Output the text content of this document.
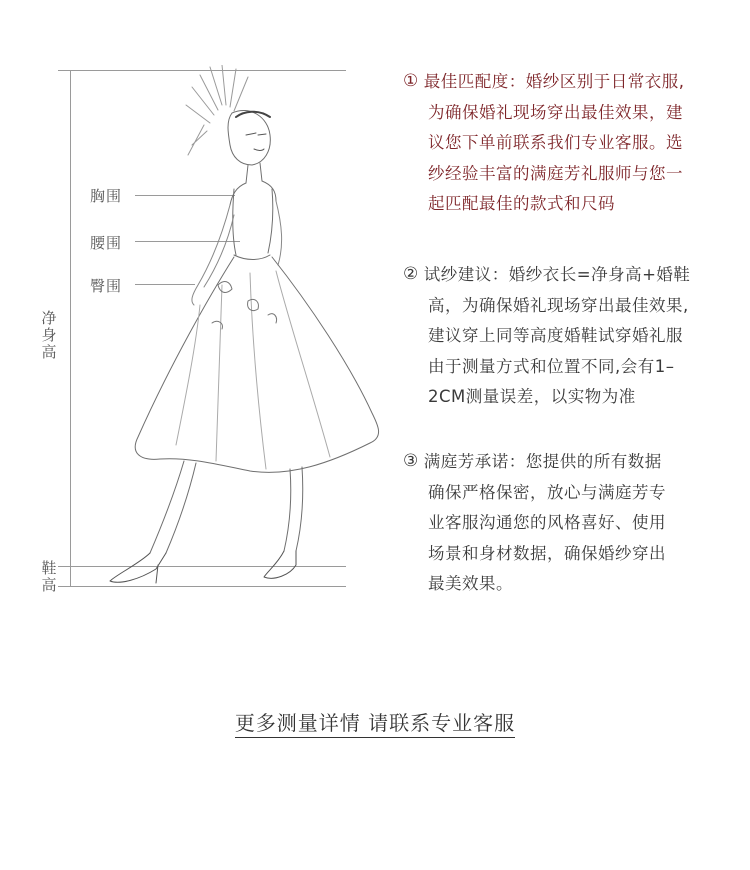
胸围
腰围
臀围
净身高
鞋高
① 最佳匹配度：婚纱区别于日常衣服,
为确保婚礼现场穿出最佳效果，建
议您下单前联系我们专业客服。选
纱经验丰富的满庭芳礼服师与您一
起匹配最佳的款式和尺码
② 试纱建议：婚纱衣长=净身高+婚鞋
高，为确保婚礼现场穿出最佳效果,
建议穿上同等高度婚鞋试穿婚礼服
由于测量方式和位置不同,会有1–
2CM测量误差，以实物为准
③ 满庭芳承诺：您提供的所有数据
确保严格保密，放心与满庭芳专
业客服沟通您的风格喜好、使用
场景和身材数据，确保婚纱穿出
最美效果。
更多测量详情 请联系专业客服
